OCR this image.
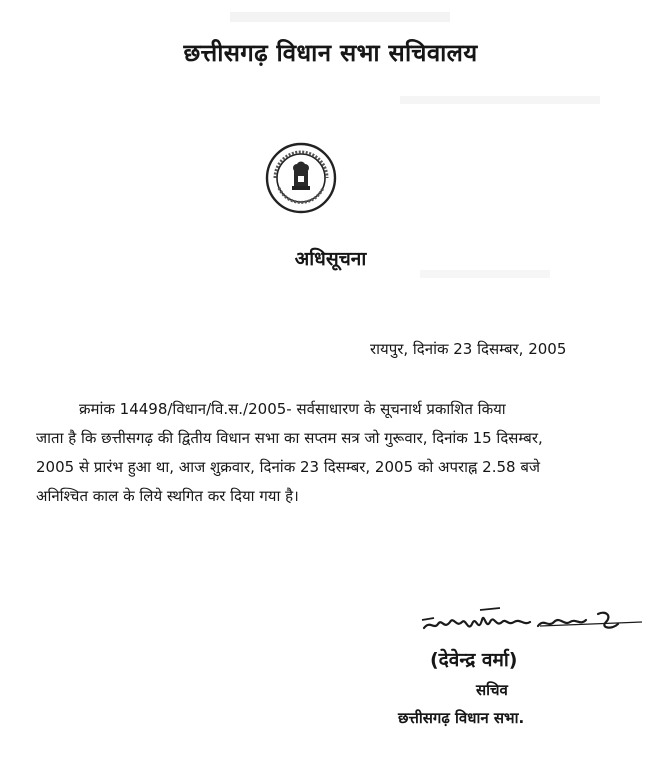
छत्तीसगढ़ विधान सभा सचिवालय
अधिसूचना
रायपुर, दिनांक 23 दिसम्बर, 2005
क्रमांक 14498/विधान/वि.स./2005- सर्वसाधारण के सूचनार्थ प्रकाशित किया
जाता है कि छत्तीसगढ़ की द्वितीय विधान सभा का सप्तम सत्र जो गुरूवार, दिनांक 15 दिसम्बर,
2005 से प्रारंभ हुआ था, आज शुक्रवार, दिनांक 23 दिसम्बर, 2005 को अपराह्न 2.58 बजे
अनिश्चित काल के लिये स्थगित कर दिया गया है।
(देवेन्द्र वर्मा)
सचिव
छत्तीसगढ़ विधान सभा.
